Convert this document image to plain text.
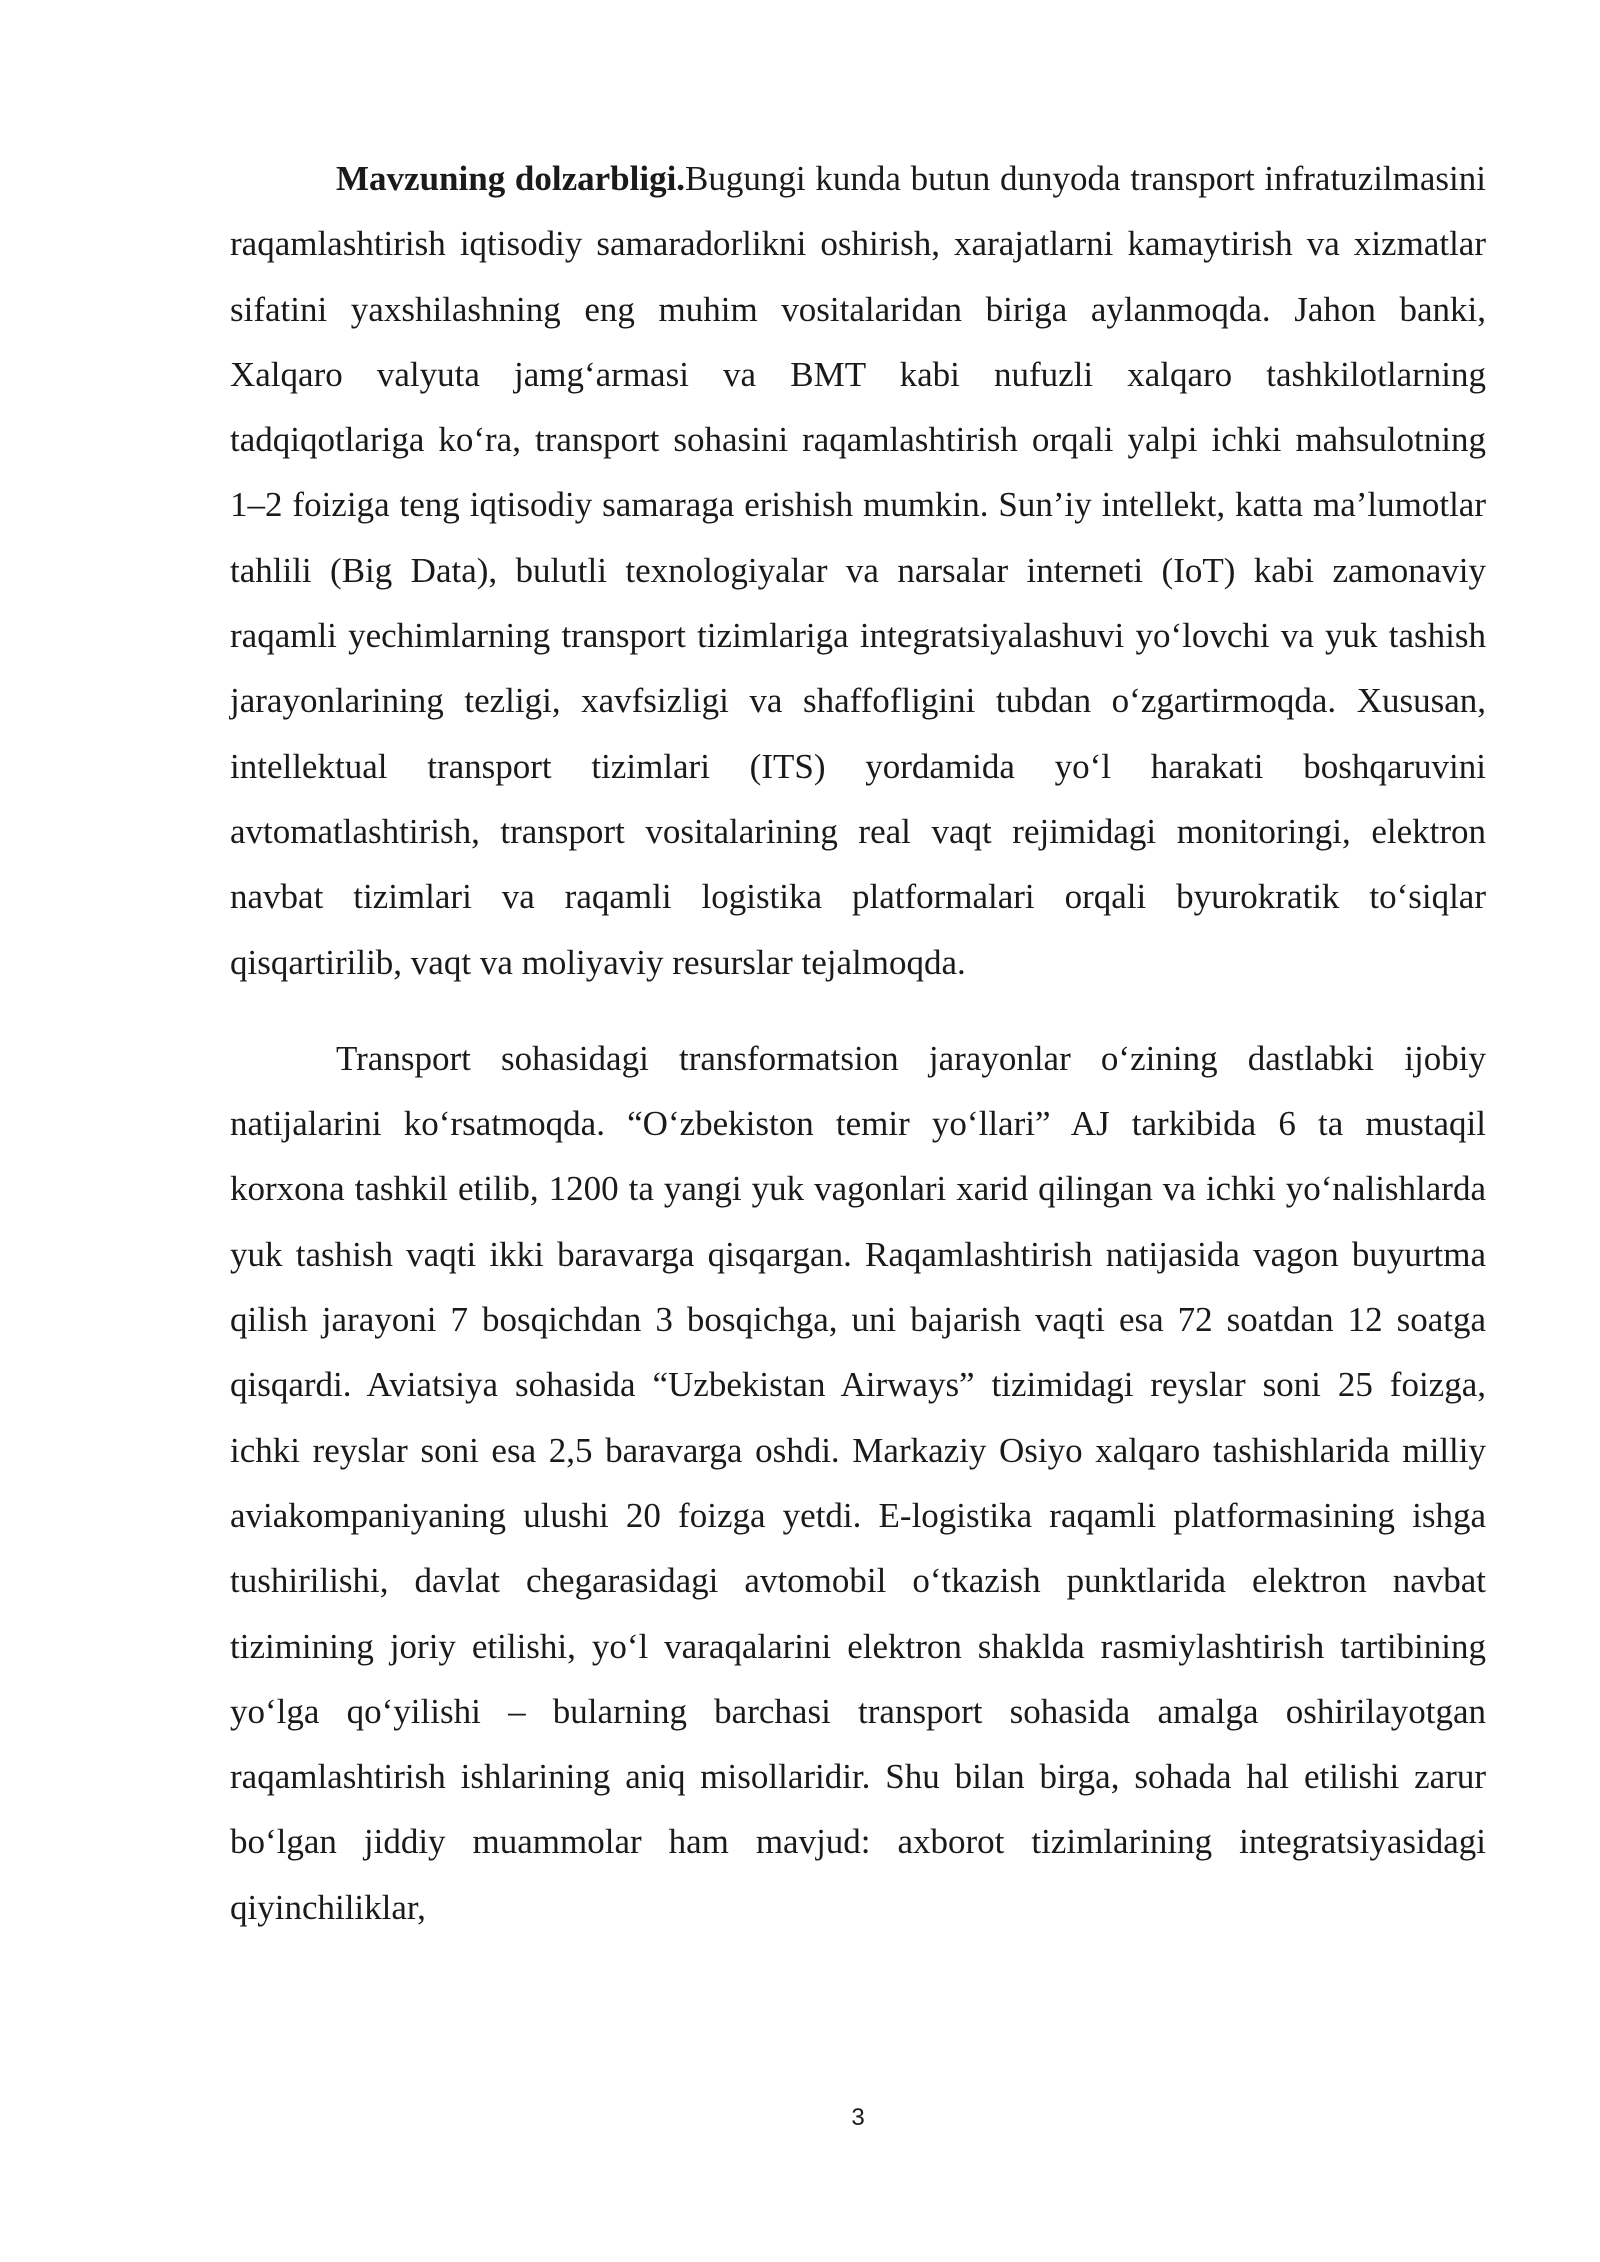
Mavzuning dolzarbligi.Bugungi kunda butun dunyoda transport infratuzilmasini raqamlashtirish iqtisodiy samaradorlikni oshirish, xarajatlarni kamaytirish va xizmatlar sifatini yaxshilashning eng muhim vositalaridan biriga aylanmoqda. Jahon banki, Xalqaro valyuta jamg‘armasi va BMT kabi nufuzli xalqaro tashkilotlarning tadqiqotlariga ko‘ra, transport sohasini raqamlashtirish orqali yalpi ichki mahsulotning 1–2 foiziga teng iqtisodiy samaraga erishish mumkin. Sun’iy intellekt, katta ma’lumotlar tahlili (Big Data), bulutli texnologiyalar va narsalar interneti (IoT) kabi zamonaviy raqamli yechimlarning transport tizimlariga integratsiyalashuvi yo‘lovchi va yuk tashish jarayonlarining tezligi, xavfsizligi va shaffofligini tubdan o‘zgartirmoqda. Xususan, intellektual transport tizimlari (ITS) yordamida yo‘l harakati boshqaruvini avtomatlashtirish, transport vositalarining real vaqt rejimidagi monitoringi, elektron navbat tizimlari va raqamli logistika platformalari orqali byurokratik to‘siqlar qisqartirilib, vaqt va moliyaviy resurslar tejalmoqda.

Transport sohasidagi transformatsion jarayonlar o‘zining dastlabki ijobiy natijalarini ko‘rsatmoqda. “O‘zbekiston temir yo‘llari” AJ tarkibida 6 ta mustaqil korxona tashkil etilib, 1200 ta yangi yuk vagonlari xarid qilingan va ichki yo‘nalishlarda yuk tashish vaqti ikki baravarga qisqargan. Raqamlashtirish natijasida vagon buyurtma qilish jarayoni 7 bosqichdan 3 bosqichga, uni bajarish vaqti esa 72 soatdan 12 soatga qisqardi. Aviatsiya sohasida “Uzbekistan Airways” tizimidagi reyslar soni 25 foizga, ichki reyslar soni esa 2,5 baravarga oshdi. Markaziy Osiyo xalqaro tashishlarida milliy aviakompaniyaning ulushi 20 foizga yetdi. E-logistika raqamli platformasining ishga tushirilishi, davlat chegarasidagi avtomobil o‘tkazish punktlarida elektron navbat tizimining joriy etilishi, yo‘l varaqalarini elektron shaklda rasmiylashtirish tartibining yo‘lga qo‘yilishi – bularning barchasi transport sohasida amalga oshirilayotgan raqamlashtirish ishlarining aniq misollaridir. Shu bilan birga, sohada hal etilishi zarur bo‘lgan jiddiy muammolar ham mavjud: axborot tizimlarining integratsiyasidagi qiyinchiliklar,

3
